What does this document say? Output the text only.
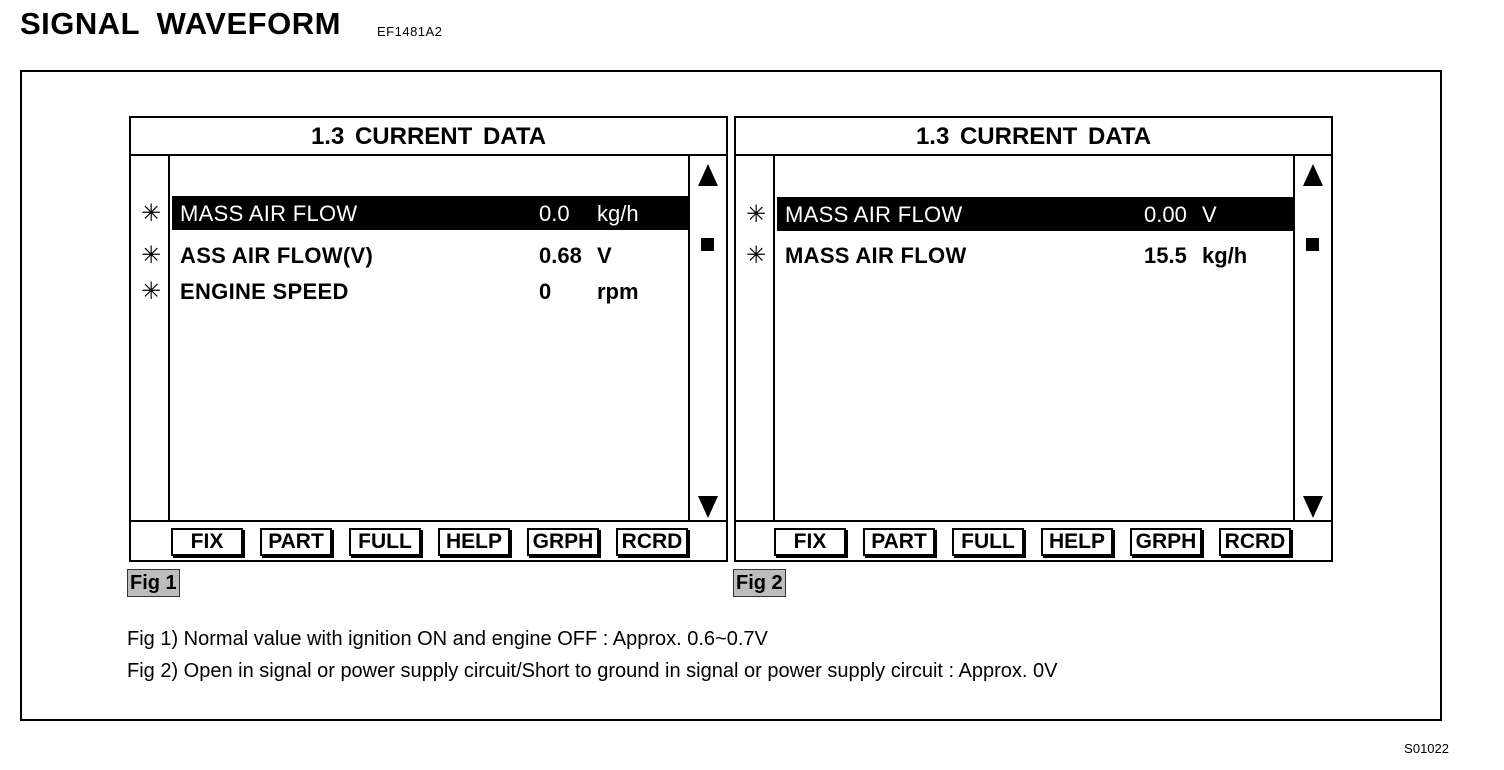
SIGNAL WAVEFORM	EF1481A2
1.3 CURRENT DATA
✳ MASS AIR FLOW	0.0 kg/h
✳ ASS AIR FLOW(V)	0.68 V
✳ ENGINE SPEED	0 rpm
FIX	PART	FULL	HELP	GRPH RCRD
1.3 CURRENT DATA
✳ MASS AIR FLOW	0.00 V
✳ MASS AIR FLOW	15.5 kg/h
FIX	PART	FULL	HELP	GRPH RCRD
Fig 1	Fig 2
Fig 1) Normal value with ignition ON and engine OFF : Approx. 0.6~0.7V
Fig 2) Open in signal or power supply circuit/Short to ground in signal or power supply circuit : Approx. 0V
S01022
